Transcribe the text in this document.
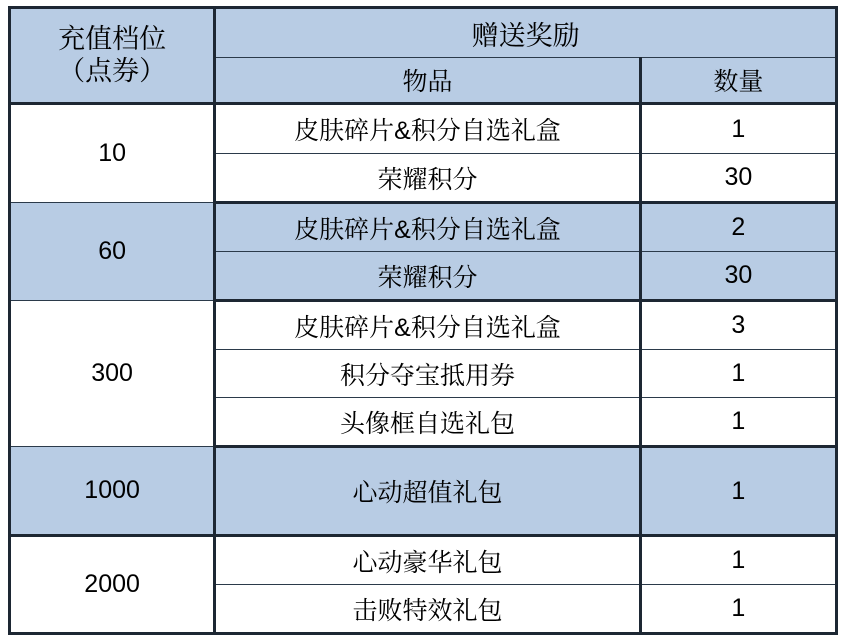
充值档位
（点券）	赠送奖励	
	物品	数量
10	皮肤碎片&积分自选礼盒	1
	荣耀积分	30
60	皮肤碎片&积分自选礼盒	2
	荣耀积分	30
300	皮肤碎片&积分自选礼盒	3
	积分夺宝抵用券	1
	头像框自选礼包	1
1000	心动超值礼包	1
2000	心动豪华礼包	1
	击败特效礼包	1
